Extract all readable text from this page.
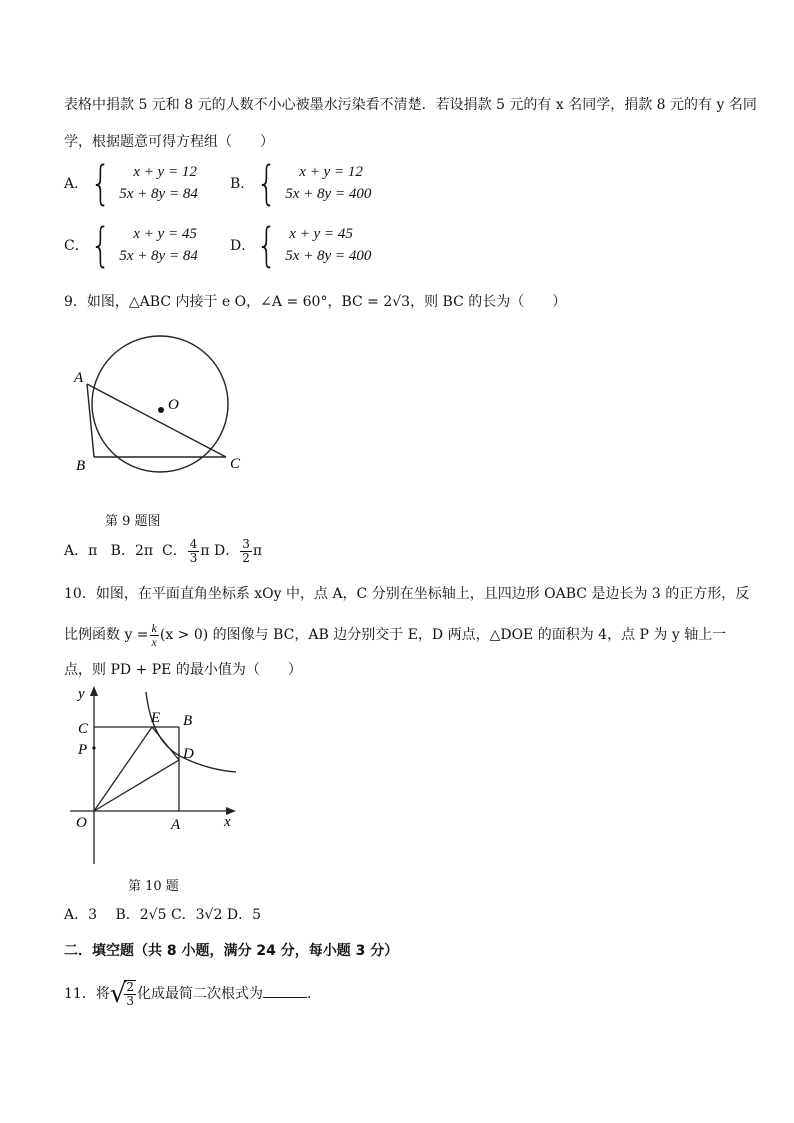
表格中捐款 5 元和 8 元的人数不小心被墨水污染看不清楚．若设捐款 5 元的有 x 名同学，捐款 8 元的有 y 名同
学，根据题意可得方程组（　　）
A． {	x + y = 12
5x + 8y = 84
B． {	x + y = 12
5x + 8y = 400
C． {	x + y = 45
5x + 8y = 84
D． { x + y = 45
5x + 8y = 400
9．如图，△ABC 内接于 e O，∠A = 60°，BC = 2√3，则 BC 的长为（　　）
A
B	C
O
第 9 题图
A．π B．2π C． $\frac{4}{3}$ π D． $\frac{3}{2}$ π
10．如图，在平面直角坐标系 xOy 中，点 A，C 分别在坐标轴上，且四边形 OABC 是边长为 3 的正方形，反
比例函数 $y = \frac{k}{x} (x > 0)$ 的图像与 BC，AB 边分别交于 E，D 两点，△DOE 的面积为 4，点 P 为 y 轴上一
点，则 PD + PE 的最小值为（　　）
y
x
C	B
E
P	D
O	A
第 10 题
A．3　 B．2√5 C．3√2 D．5
二．填空题（共 8 小题，满分 24 分，每小题 3 分）
11．将√
$\frac{2}{3}$ 化成最简二次根式为	.
